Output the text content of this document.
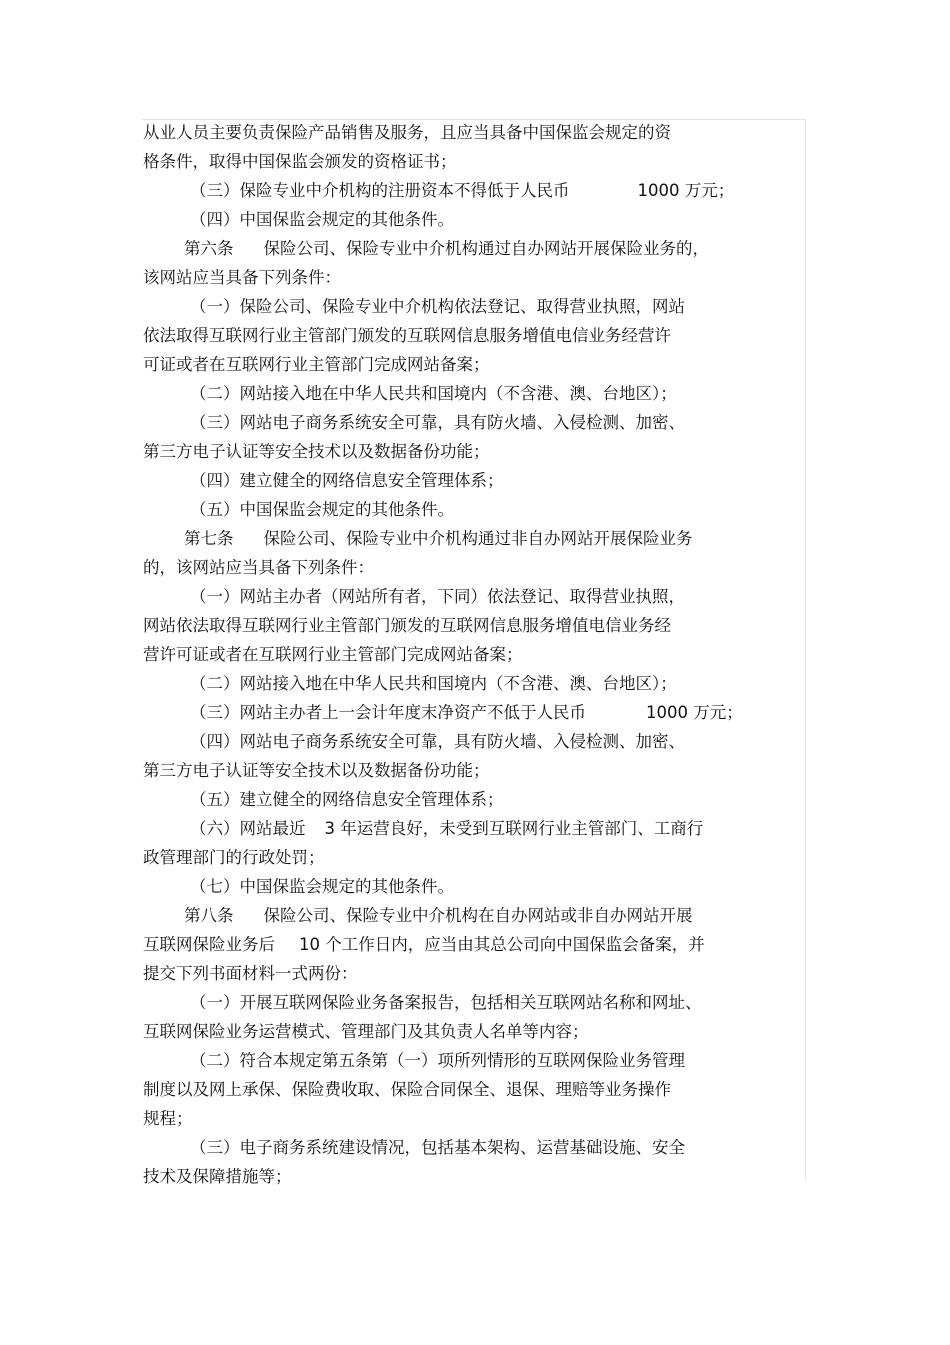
从业人员主要负责保险产品销售及服务，且应当具备中国保监会规定的资
格条件，取得中国保监会颁发的资格证书；
（三）保险专业中介机构的注册资本不得低于人民币	1000 万元；
（四）中国保监会规定的其他条件。
第六条 保险公司、保险专业中介机构通过自办网站开展保险业务的，
该网站应当具备下列条件：
（一）保险公司、保险专业中介机构依法登记、取得营业执照，网站
依法取得互联网行业主管部门颁发的互联网信息服务增值电信业务经营许
可证或者在互联网行业主管部门完成网站备案；
（二）网站接入地在中华人民共和国境内（不含港、澳、台地区）；
（三）网站电子商务系统安全可靠，具有防火墙、入侵检测、加密、
第三方电子认证等安全技术以及数据备份功能；
（四）建立健全的网络信息安全管理体系；
（五）中国保监会规定的其他条件。
第七条 保险公司、保险专业中介机构通过非自办网站开展保险业务
的，该网站应当具备下列条件：
（一）网站主办者（网站所有者，下同）依法登记、取得营业执照，
网站依法取得互联网行业主管部门颁发的互联网信息服务增值电信业务经
营许可证或者在互联网行业主管部门完成网站备案；
（二）网站接入地在中华人民共和国境内（不含港、澳、台地区）；
（三）网站主办者上一会计年度末净资产不低于人民币	1000 万元；
（四）网站电子商务系统安全可靠，具有防火墙、入侵检测、加密、
第三方电子认证等安全技术以及数据备份功能；
（五）建立健全的网络信息安全管理体系；
（六）网站最近 3 年运营良好，未受到互联网行业主管部门、工商行
政管理部门的行政处罚；
（七）中国保监会规定的其他条件。
第八条 保险公司、保险专业中介机构在自办网站或非自办网站开展
互联网保险业务后 10 个工作日内，应当由其总公司向中国保监会备案，并
提交下列书面材料一式两份：
（一）开展互联网保险业务备案报告，包括相关互联网站名称和网址、
互联网保险业务运营模式、管理部门及其负责人名单等内容；
（二）符合本规定第五条第（一）项所列情形的互联网保险业务管理
制度以及网上承保、保险费收取、保险合同保全、退保、理赔等业务操作
规程；
（三）电子商务系统建设情况，包括基本架构、运营基础设施、安全
技术及保障措施等；
